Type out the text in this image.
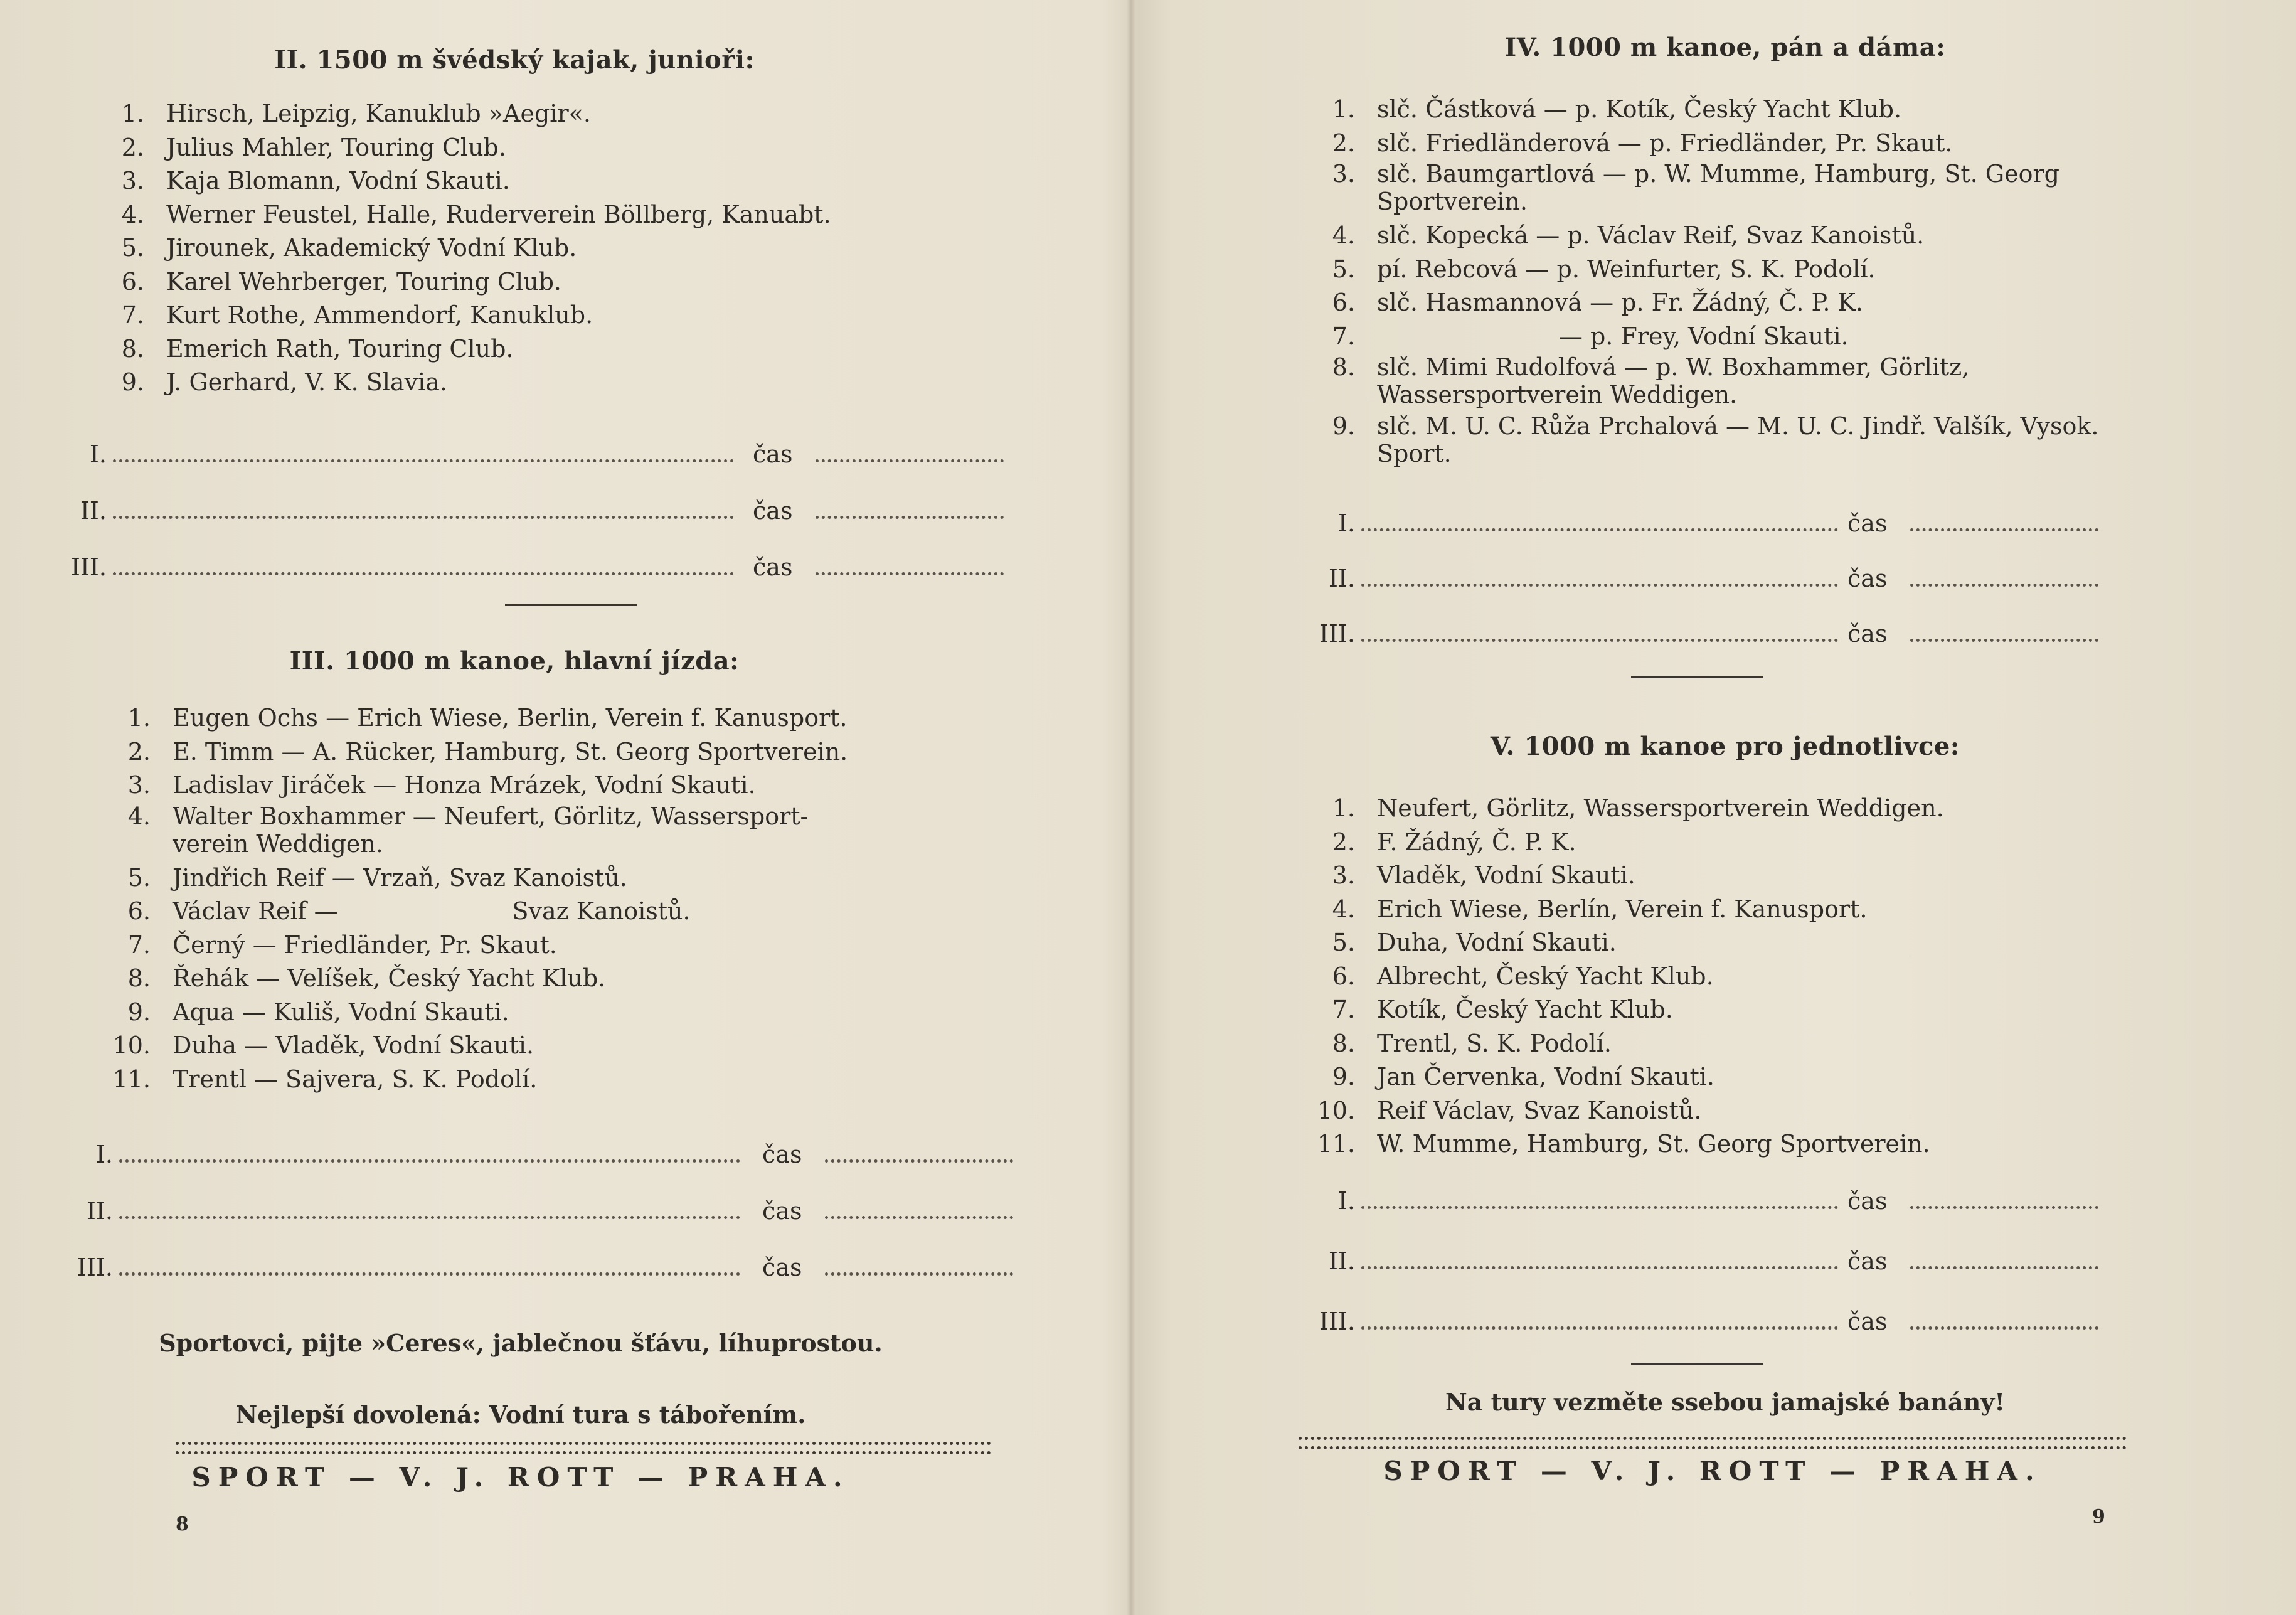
II. 1500 m švédský kajak, junioři:
1. Hirsch, Leipzig, Kanuklub »Aegir«.
2. Julius Mahler, Touring Club.
3. Kaja Blomann, Vodní Skauti.
4. Werner Feustel, Halle, Ruderverein Böllberg, Kanuabt.
5. Jirounek, Akademický Vodní Klub.
6. Karel Wehrberger, Touring Club.
7. Kurt Rothe, Ammendorf, Kanuklub.
8. Emerich Rath, Touring Club.
9. J. Gerhard, V. K. Slavia.
I.	čas
II.	čas
III.	čas
III. 1000 m kanoe, hlavní jízda:
1. Eugen Ochs — Erich Wiese, Berlin, Verein f. Kanusport.
2. E. Timm — A. Rücker, Hamburg, St. Georg Sportverein.
3. Ladislav Jiráček — Honza Mrázek, Vodní Skauti.
4. Walter Boxhammer — Neufert, Görlitz, Wassersport-verein Weddigen.
5. Jindřich Reif — Vrzaň, Svaz Kanoistů.
6. Václav Reif —                       Svaz Kanoistů.
7. Černý — Friedländer, Pr. Skaut.
8. Řehák — Velíšek, Český Yacht Klub.
9. Aqua — Kuliš, Vodní Skauti.
10. Duha — Vladěk, Vodní Skauti.
11. Trentl — Sajvera, S. K. Podolí.
I.	čas
II.	čas
III.	čas
Sportovci, pijte »Ceres«, jablečnou šťávu, líhuprostou.
Nejlepší dovolená: Vodní tura s tábořením.
SPORT — V. J. ROTT — PRAHA.
8
IV. 1000 m kanoe, pán a dáma:
1. slč. Částková — p. Kotík, Český Yacht Klub.
2. slč. Friedländerová — p. Friedländer, Pr. Skaut.
3. slč. Baumgartlová — p. W. Mumme, Hamburg, St. Georg Sportverein.
4. slč. Kopecká — p. Václav Reif, Svaz Kanoistů.
5. pí. Rebcová — p. Weinfurter, S. K. Podolí.
6. slč. Hasmannová — p. Fr. Žádný, Č. P. K.
7. — p. Frey, Vodní Skauti.
8. slč. Mimi Rudolfová — p. W. Boxhammer, Görlitz, Wassersportverein Weddigen.
9. slč. M. U. C. Růža Prchalová — M. U. C. Jindř. Valšík, Vysok. Sport.
I.	čas
II.	čas
III.	čas
V. 1000 m kanoe pro jednotlivce:
1. Neufert, Görlitz, Wassersportverein Weddigen.
2. F. Žádný, Č. P. K.
3. Vladěk, Vodní Skauti.
4. Erich Wiese, Berlín, Verein f. Kanusport.
5. Duha, Vodní Skauti.
6. Albrecht, Český Yacht Klub.
7. Kotík, Český Yacht Klub.
8. Trentl, S. K. Podolí.
9. Jan Červenka, Vodní Skauti.
10. Reif Václav, Svaz Kanoistů.
11. W. Mumme, Hamburg, St. Georg Sportverein.
I.	čas
II.	čas
III.	čas
Na tury vezměte ssebou jamajské banány!
SPORT — V. J. ROTT — PRAHA.
9
